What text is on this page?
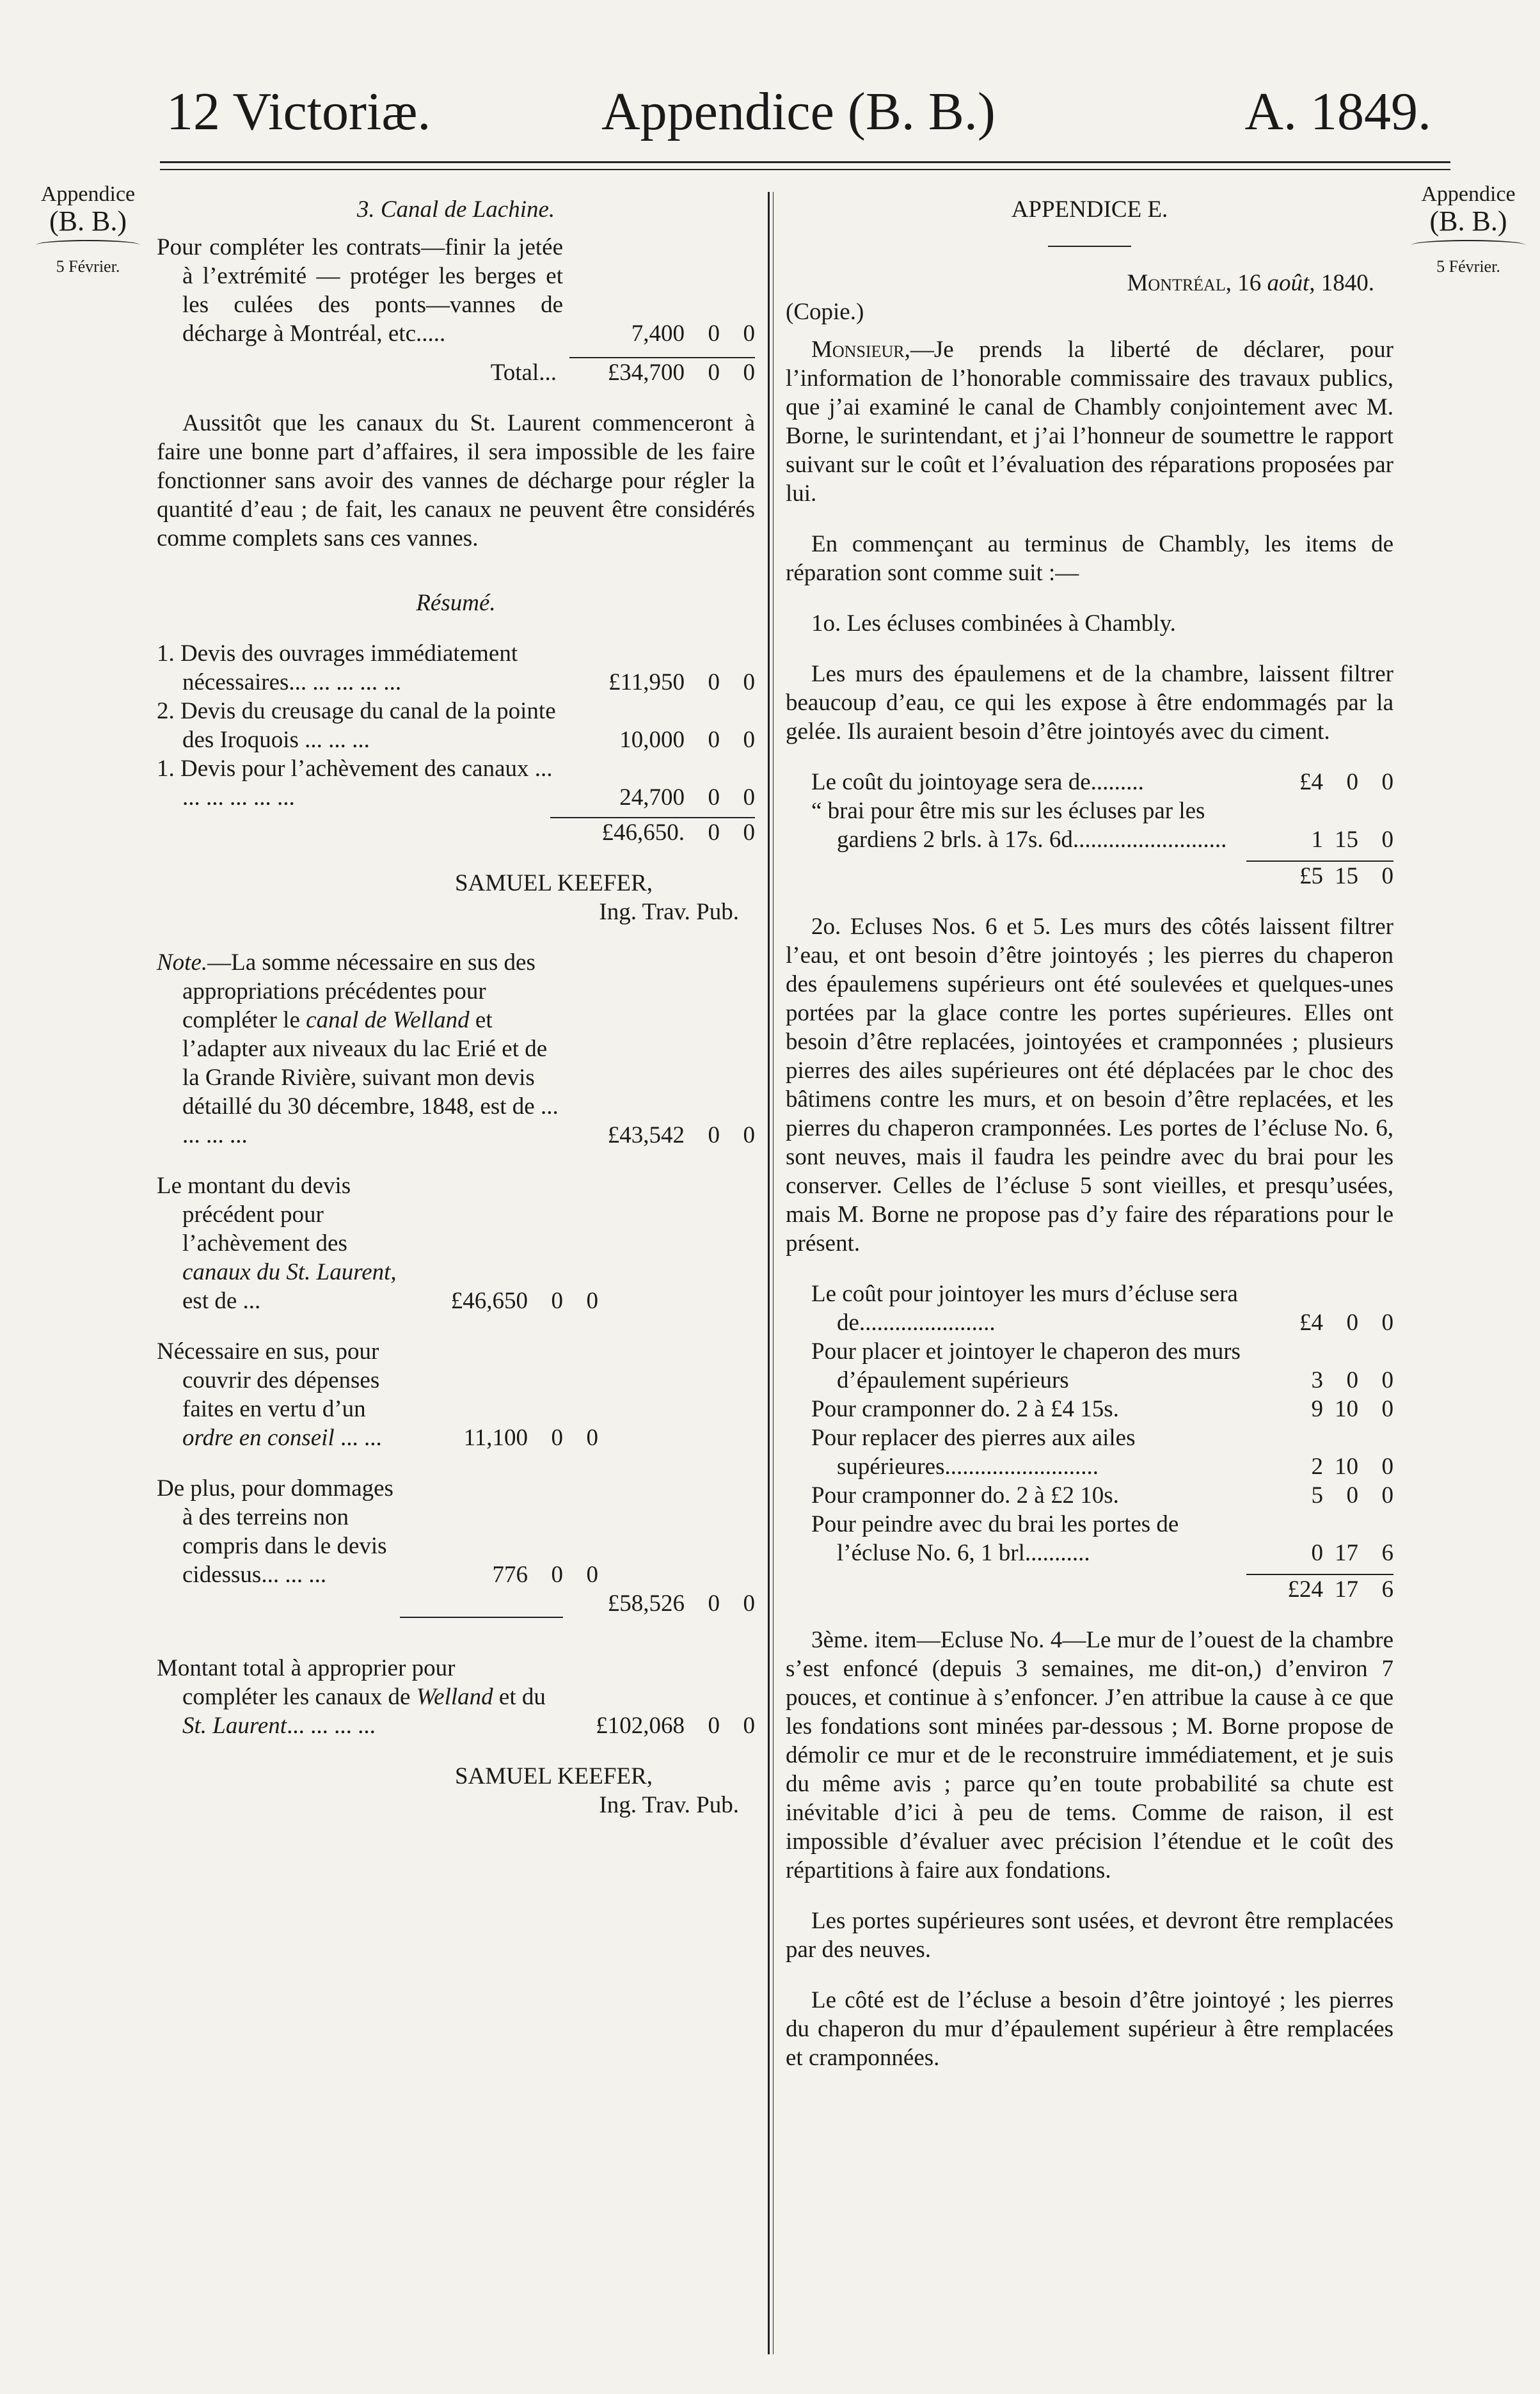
12 Victoriæ.	Appendice (B. B.)	A. 1849.
Appendice
(B. B.)
5 Février.
Appendice
(B. B.)
5 Février.

3. Canal de Lachine.

Pour compléter les contrats—finir la jetée à l’extrémité — protéger les berges et les culées des ponts—vannes de décharge à Montréal, etc.....	7,400 0 0
Total...	£34,700 0 0

Aussitôt que les canaux du St. Laurent commenceront à faire une bonne part d’affaires, il sera impossible de les faire fonctionner sans avoir des vannes de décharge pour régler la quantité d’eau ; de fait, les canaux ne peuvent être considérés comme complets sans ces vannes.

Résumé.

1. Devis des ouvrages immédiatement nécessaires... ... ... ... ...	£11,950 0 0
2. Devis du creusage du canal de la pointe des Iroquois ... ... ...	10,000 0 0
1. Devis pour l’achèvement des canaux ... ... ... ... ... ...	24,700 0 0
£46,650. 0 0

SAMUEL KEEFER,

Ing. Trav. Pub.

Note.—La somme nécessaire en sus des appropriations précédentes pour compléter le canal de Welland et l’adapter aux niveaux du lac Erié et de la Grande Rivière, suivant mon devis détaillé du 30 décembre, 1848, est de ... ... ... ...	£43,542 0 0
Le montant du devis précédent pour l’achèvement des canaux du St. Laurent, est de ...	£46,650 0 0
Nécessaire en sus, pour couvrir des dépenses faites en vertu d’un ordre en conseil ... ...	11,100 0 0
De plus, pour dommages à des terreins non compris dans le devis cidessus... ... ...	776 0 0
£58,526 0 0
Montant total à approprier pour compléter les canaux de Welland et du St. Laurent... ... ... ...	£102,068 0 0

SAMUEL KEEFER,

Ing. Trav. Pub.

APPENDICE E.

Montréal, 16 août, 1840.

(Copie.)

Monsieur,—Je prends la liberté de déclarer, pour l’information de l’honorable commissaire des travaux publics, que j’ai examiné le canal de Chambly conjointement avec M. Borne, le surintendant, et j’ai l’honneur de soumettre le rapport suivant sur le coût et l’évaluation des réparations proposées par lui.

En commençant au terminus de Chambly, les items de réparation sont comme suit :—

1o. Les écluses combinées à Chambly.

Les murs des épaulemens et de la chambre, laissent filtrer beaucoup d’eau, ce qui les expose à être endommagés par la gelée. Ils auraient besoin d’être jointoyés avec du ciment.

Le coût du jointoyage sera de.........	£4 0 0
“ brai pour être mis sur les écluses par les gardiens 2 brls. à 17s. 6d..........................	1 15 0
£5 15 0

2o. Ecluses Nos. 6 et 5. Les murs des côtés laissent filtrer l’eau, et ont besoin d’être jointoyés ; les pierres du chaperon des épaulemens supérieurs ont été soulevées et quelques-unes portées par la glace contre les portes supérieures. Elles ont besoin d’être replacées, jointoyées et cramponnées ; plusieurs pierres des ailes supérieures ont été déplacées par le choc des bâtimens contre les murs, et on besoin d’être replacées, et les pierres du chaperon cramponnées. Les portes de l’écluse No. 6, sont neuves, mais il faudra les peindre avec du brai pour les conserver. Celles de l’écluse 5 sont vieilles, et presqu’usées, mais M. Borne ne propose pas d’y faire des réparations pour le présent.

Le coût pour jointoyer les murs d’écluse sera de.......................	£4 0 0
Pour placer et jointoyer le chaperon des murs d’épaulement supérieurs	3 0 0
Pour cramponner do. 2 à £4 15s.	9 10 0
Pour replacer des pierres aux ailes supérieures..........................	2 10 0
Pour cramponner do. 2 à £2 10s.	5 0 0
Pour peindre avec du brai les portes de l’écluse No. 6, 1 brl...........	0 17 6
£24 17 6

3ème. item—Ecluse No. 4—Le mur de l’ouest de la chambre s’est enfoncé (depuis 3 semaines, me dit-on,) d’environ 7 pouces, et continue à s’enfoncer. J’en attribue la cause à ce que les fondations sont minées par-dessous ; M. Borne propose de démolir ce mur et de le reconstruire immédiatement, et je suis du même avis ; parce qu’en toute probabilité sa chute est inévitable d’ici à peu de tems. Comme de raison, il est impossible d’évaluer avec précision l’étendue et le coût des répartitions à faire aux fondations.

Les portes supérieures sont usées, et devront être remplacées par des neuves.

Le côté est de l’écluse a besoin d’être jointoyé ; les pierres du chaperon du mur d’épaulement supérieur à être remplacées et cramponnées.
